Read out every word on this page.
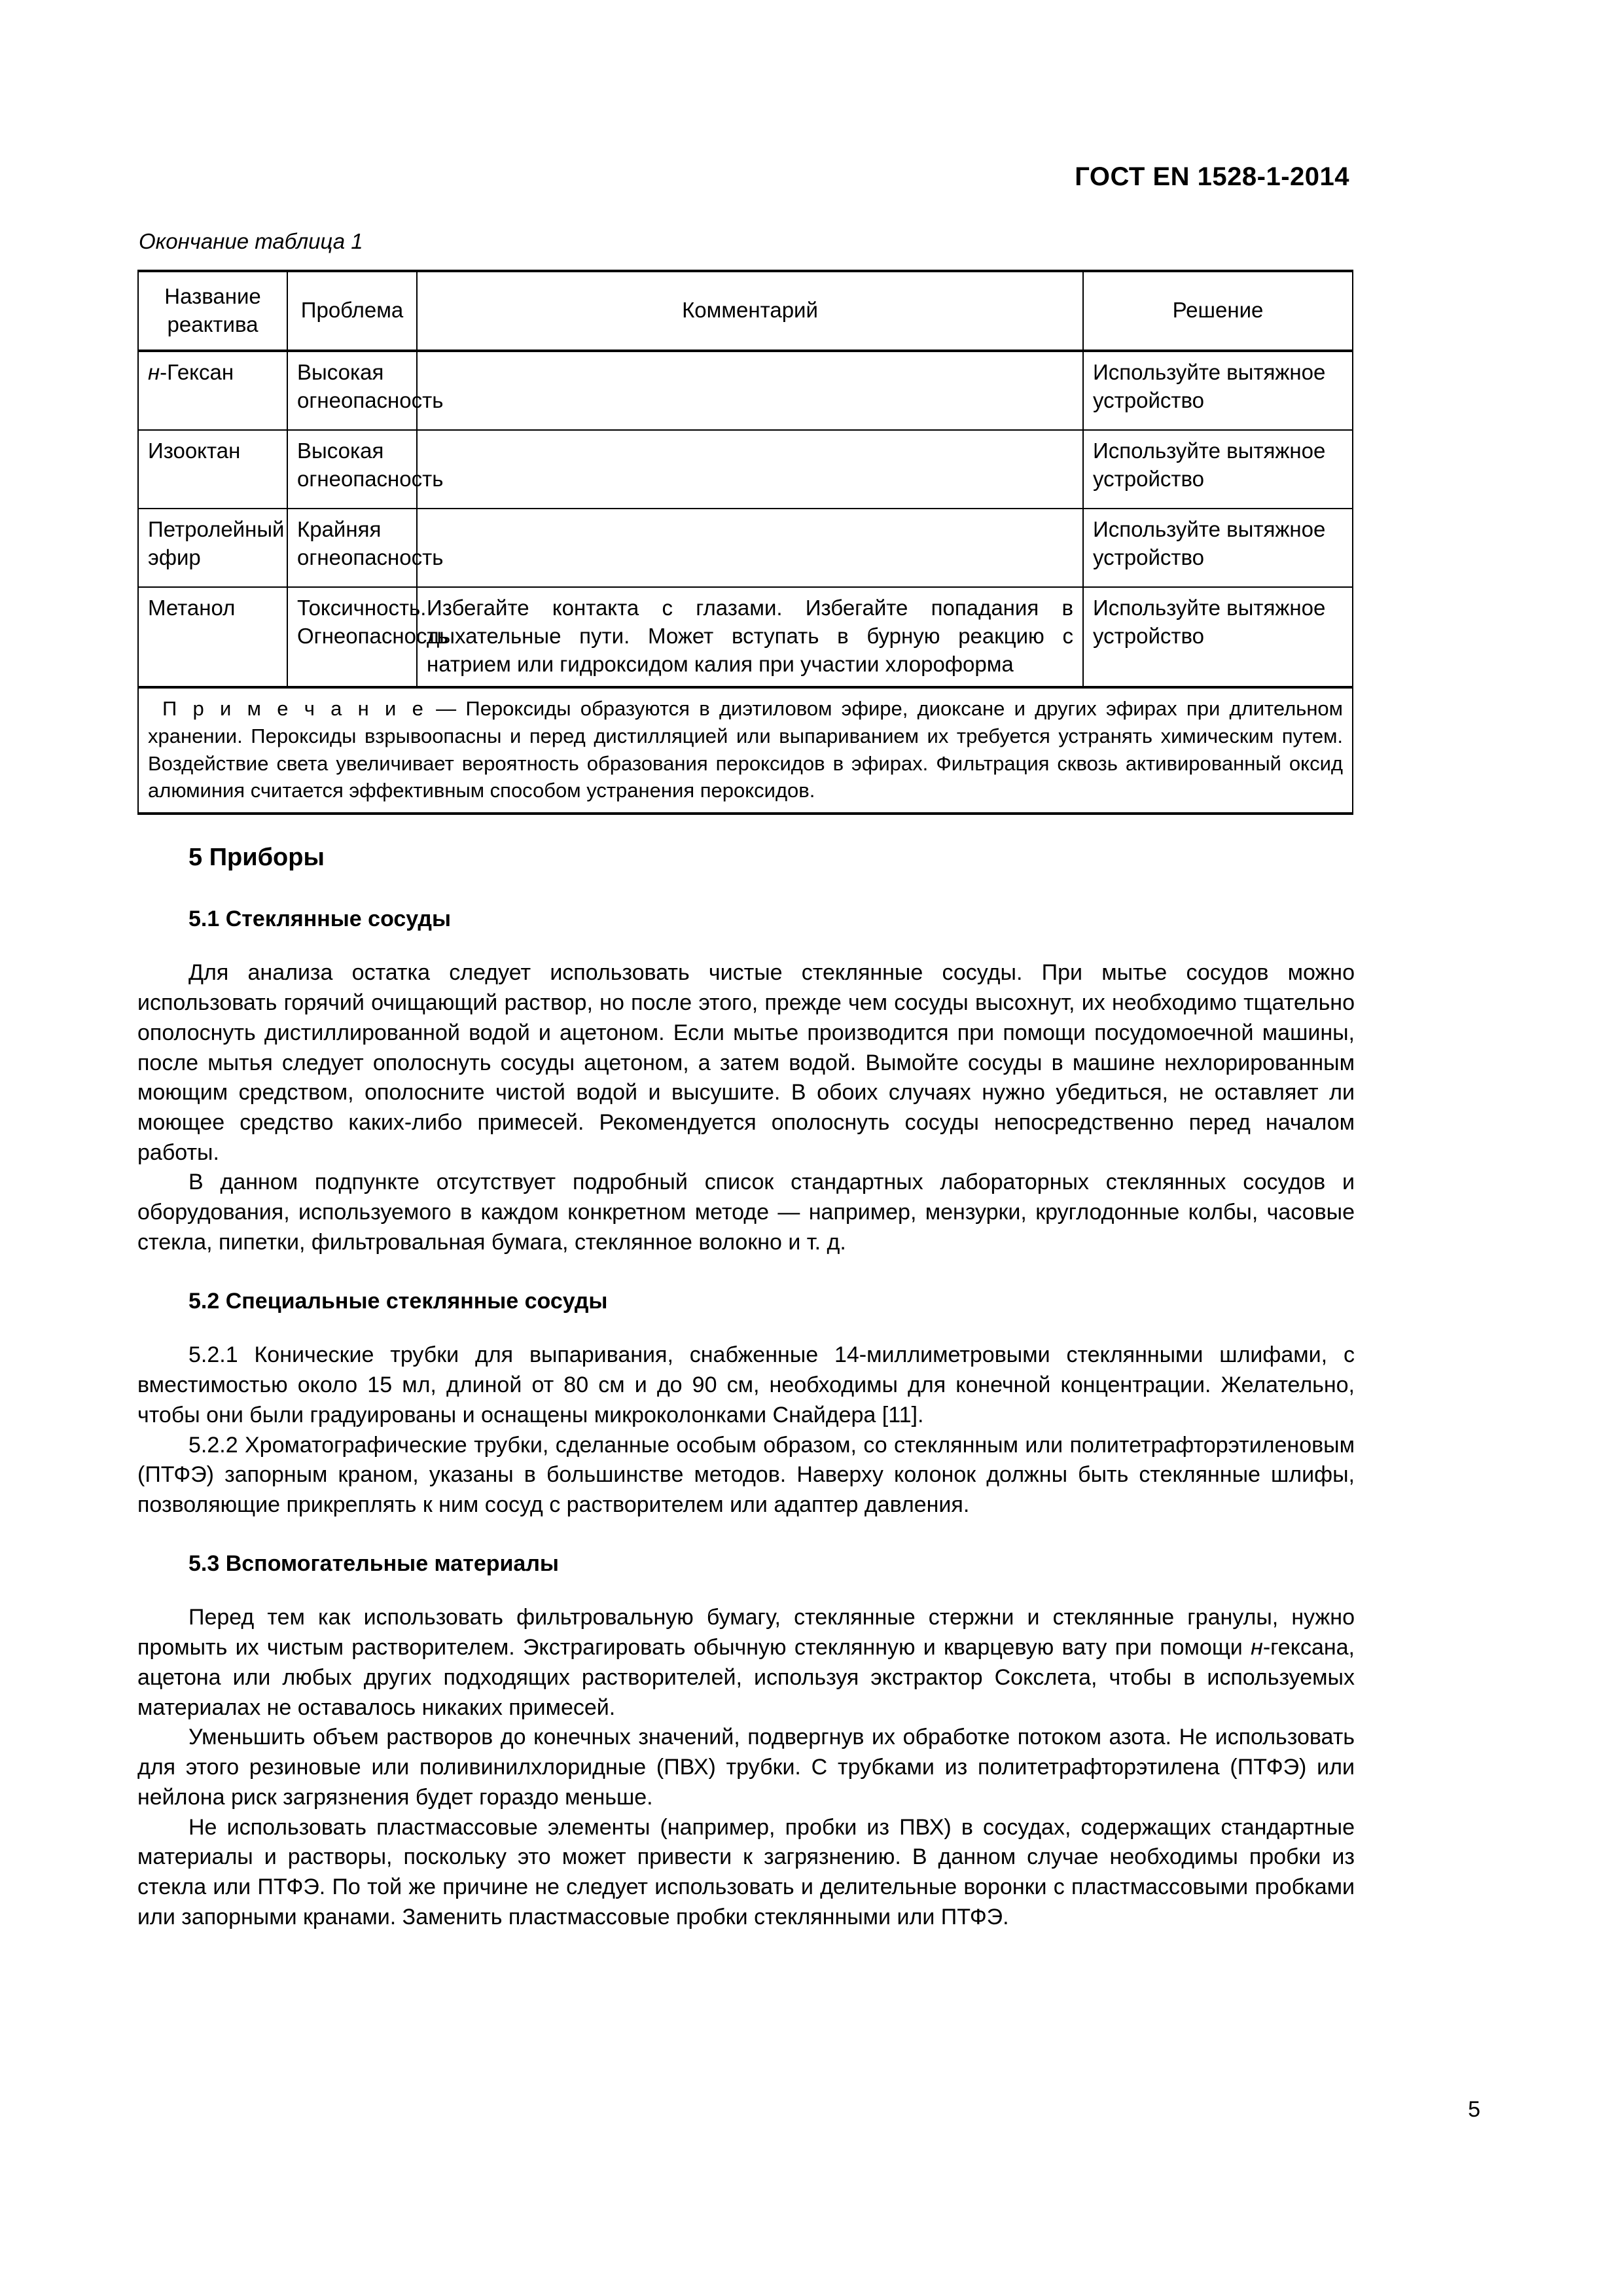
ГОСТ EN 1528-1-2014
Окончание таблица 1
Название реактива	Проблема	Комментарий	Решение
н-Гексан	Высокая огнеопасность		Используйте вытяжное устройство
Изооктан	Высокая огнеопасность		Используйте вытяжное устройство
Петролейный эфир	Крайняя огнеопасность		Используйте вытяжное устройство
Метанол	Токсичность. Огнеопасность	Избегайте контакта с глазами. Избегайте попадания в дыхательные пути. Может вступать в бурную реакцию с натрием или гидроксидом калия при участии хлороформа	Используйте вытяжное устройство
П р и м е ч а н и е — Пероксиды образуются в диэтиловом эфире, диоксане и других эфирах при длительном хранении. Пероксиды взрывоопасны и перед дистилляцией или выпариванием их требуется устранять химическим путем. Воздействие света увеличивает вероятность образования пероксидов в эфирах. Фильтрация сквозь активированный оксид алюминия считается эффективным способом устранения пероксидов.			
5 Приборы
5.1 Стеклянные сосуды

Для анализа остатка следует использовать чистые стеклянные сосуды. При мытье сосудов можно использовать горячий очищающий раствор, но после этого, прежде чем сосуды высохнут, их необходимо тщательно ополоснуть дистиллированной водой и ацетоном. Если мытье производится при помощи посудомоечной машины, после мытья следует ополоснуть сосуды ацетоном, а затем водой. Вымойте сосуды в машине нехлорированным моющим средством, ополосните чистой водой и высушите. В обоих случаях нужно убедиться, не оставляет ли моющее средство каких-либо примесей. Рекомендуется ополоснуть сосуды непосредственно перед началом работы.

В данном подпункте отсутствует подробный список стандартных лабораторных стеклянных сосудов и оборудования, используемого в каждом конкретном методе — например, мензурки, круглодонные колбы, часовые стекла, пипетки, фильтровальная бумага, стеклянное волокно и т. д.

5.2 Специальные стеклянные сосуды

5.2.1 Конические трубки для выпаривания, снабженные 14-миллиметровыми стеклянными шлифами, с вместимостью около 15 мл, длиной от 80 см и до 90 см, необходимы для конечной концентрации. Желательно, чтобы они были градуированы и оснащены микроколонками Снайдера [11].

5.2.2 Хроматографические трубки, сделанные особым образом, со стеклянным или политетрафторэтиленовым (ПТФЭ) запорным краном, указаны в большинстве методов. Наверху колонок должны быть стеклянные шлифы, позволяющие прикреплять к ним сосуд с растворителем или адаптер давления.

5.3 Вспомогательные материалы

Перед тем как использовать фильтровальную бумагу, стеклянные стержни и стеклянные гранулы, нужно промыть их чистым растворителем. Экстрагировать обычную стеклянную и кварцевую вату при помощи н-гексана, ацетона или любых других подходящих растворителей, используя экстрактор Сокслета, чтобы в используемых материалах не оставалось никаких примесей.

Уменьшить объем растворов до конечных значений, подвергнув их обработке потоком азота. Не использовать для этого резиновые или поливинилхлоридные (ПВХ) трубки. С трубками из политетрафторэтилена (ПТФЭ) или нейлона риск загрязнения будет гораздо меньше.

Не использовать пластмассовые элементы (например, пробки из ПВХ) в сосудах, содержащих стандартные материалы и растворы, поскольку это может привести к загрязнению. В данном случае необходимы пробки из стекла или ПТФЭ. По той же причине не следует использовать и делительные воронки с пластмассовыми пробками или запорными кранами. Заменить пластмассовые пробки стеклянными или ПТФЭ.

5
